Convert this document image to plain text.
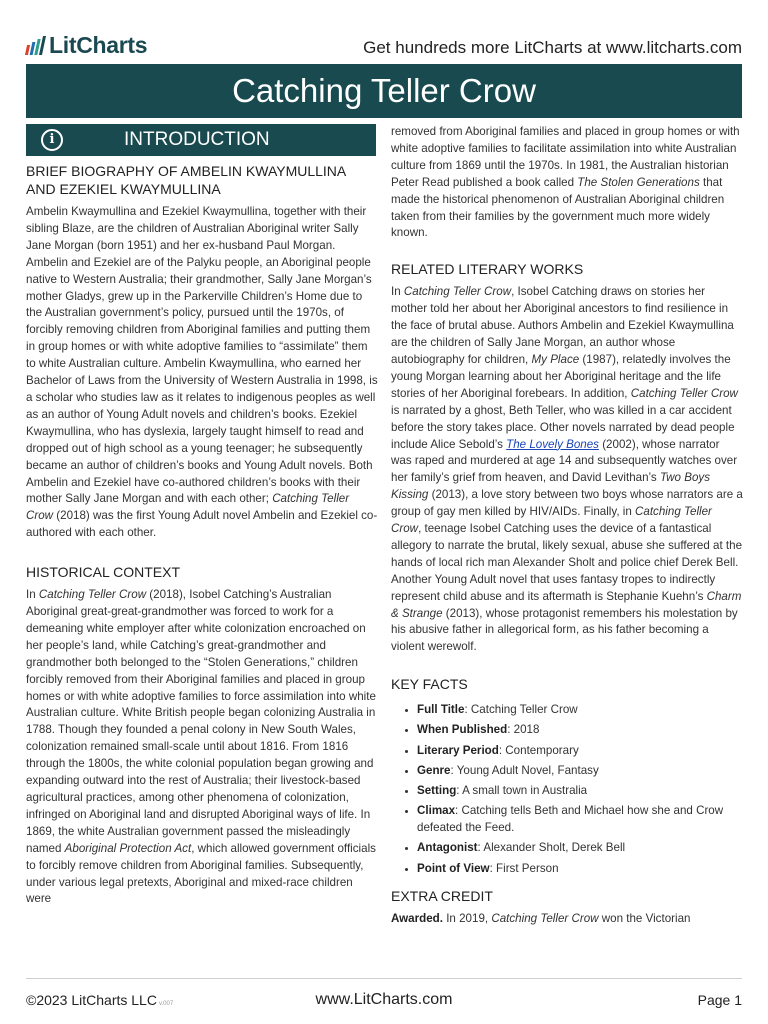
LitCharts	Get hundreds more LitCharts at www.litcharts.com
Catching Teller Crow
i	INTRODUCTION
BRIEF BIOGRAPHY OF AMBELIN KWAYMULLINA AND EZEKIEL KWAYMULLINA

Ambelin Kwaymullina and Ezekiel Kwaymullina, together with their sibling Blaze, are the children of Australian Aboriginal writer Sally Jane Morgan (born 1951) and her ex-husband Paul Morgan. Ambelin and Ezekiel are of the Palyku people, an Aboriginal people native to Western Australia; their grandmother, Sally Jane Morgan’s mother Gladys, grew up in the Parkerville Children’s Home due to the Australian government’s policy, pursued until the 1970s, of forcibly removing children from Aboriginal families and putting them in group homes or with white adoptive families to “assimilate” them to white Australian culture. Ambelin Kwaymullina, who earned her Bachelor of Laws from the University of Western Australia in 1998, is a scholar who studies law as it relates to indigenous peoples as well as an author of Young Adult novels and children’s books. Ezekiel Kwaymullina, who has dyslexia, largely taught himself to read and dropped out of high school as a young teenager; he subsequently became an author of children’s books and Young Adult novels. Both Ambelin and Ezekiel have co-authored children’s books with their mother Sally Jane Morgan and with each other; Catching Teller Crow (2018) was the first Young Adult novel Ambelin and Ezekiel co-authored with each other.

HISTORICAL CONTEXT

In Catching Teller Crow (2018), Isobel Catching’s Australian Aboriginal great-great-grandmother was forced to work for a demeaning white employer after white colonization encroached on her people’s land, while Catching’s great-grandmother and grandmother both belonged to the “Stolen Generations,” children forcibly removed from their Aboriginal families and placed in group homes or with white adoptive families to force assimilation into white Australian culture. White British people began colonizing Australia in 1788. Though they founded a penal colony in New South Wales, colonization remained small-scale until about 1816. From 1816 through the 1800s, the white colonial population began growing and expanding outward into the rest of Australia; their livestock-based agricultural practices, among other phenomena of colonization, infringed on Aboriginal land and disrupted Aboriginal ways of life. In 1869, the white Australian government passed the misleadingly named Aboriginal Protection Act, which allowed government officials to forcibly remove children from Aboriginal families. Subsequently, under various legal pretexts, Aboriginal and mixed-race children were

removed from Aboriginal families and placed in group homes or with white adoptive families to facilitate assimilation into white Australian culture from 1869 until the 1970s. In 1981, the Australian historian Peter Read published a book called The Stolen Generations that made the historical phenomenon of Australian Aboriginal children taken from their families by the government much more widely known.

RELATED LITERARY WORKS

In Catching Teller Crow, Isobel Catching draws on stories her mother told her about her Aboriginal ancestors to find resilience in the face of brutal abuse. Authors Ambelin and Ezekiel Kwaymullina are the children of Sally Jane Morgan, an author whose autobiography for children, My Place (1987), relatedly involves the young Morgan learning about her Aboriginal heritage and the life stories of her Aboriginal forebears. In addition, Catching Teller Crow is narrated by a ghost, Beth Teller, who was killed in a car accident before the story takes place. Other novels narrated by dead people include Alice Sebold’s The Lovely Bones (2002), whose narrator was raped and murdered at age 14 and subsequently watches over her family’s grief from heaven, and David Levithan’s Two Boys Kissing (2013), a love story between two boys whose narrators are a group of gay men killed by HIV/AIDs. Finally, in Catching Teller Crow, teenage Isobel Catching uses the device of a fantastical allegory to narrate the brutal, likely sexual, abuse she suffered at the hands of local rich man Alexander Sholt and police chief Derek Bell. Another Young Adult novel that uses fantasy tropes to indirectly represent child abuse and its aftermath is Stephanie Kuehn’s Charm & Strange (2013), whose protagonist remembers his molestation by his abusive father in allegorical form, as his father becoming a violent werewolf.

KEY FACTS
• Full Title: Catching Teller Crow
• When Published: 2018
• Literary Period: Contemporary
• Genre: Young Adult Novel, Fantasy
• Setting: A small town in Australia
• Climax: Catching tells Beth and Michael how she and Crow defeated the Feed.
• Antagonist: Alexander Sholt, Derek Bell
• Point of View: First Person
EXTRA CREDIT

Awarded. In 2019, Catching Teller Crow won the Victorian

©2023 LitCharts LLC v.007	www.LitCharts.com	Page 1
